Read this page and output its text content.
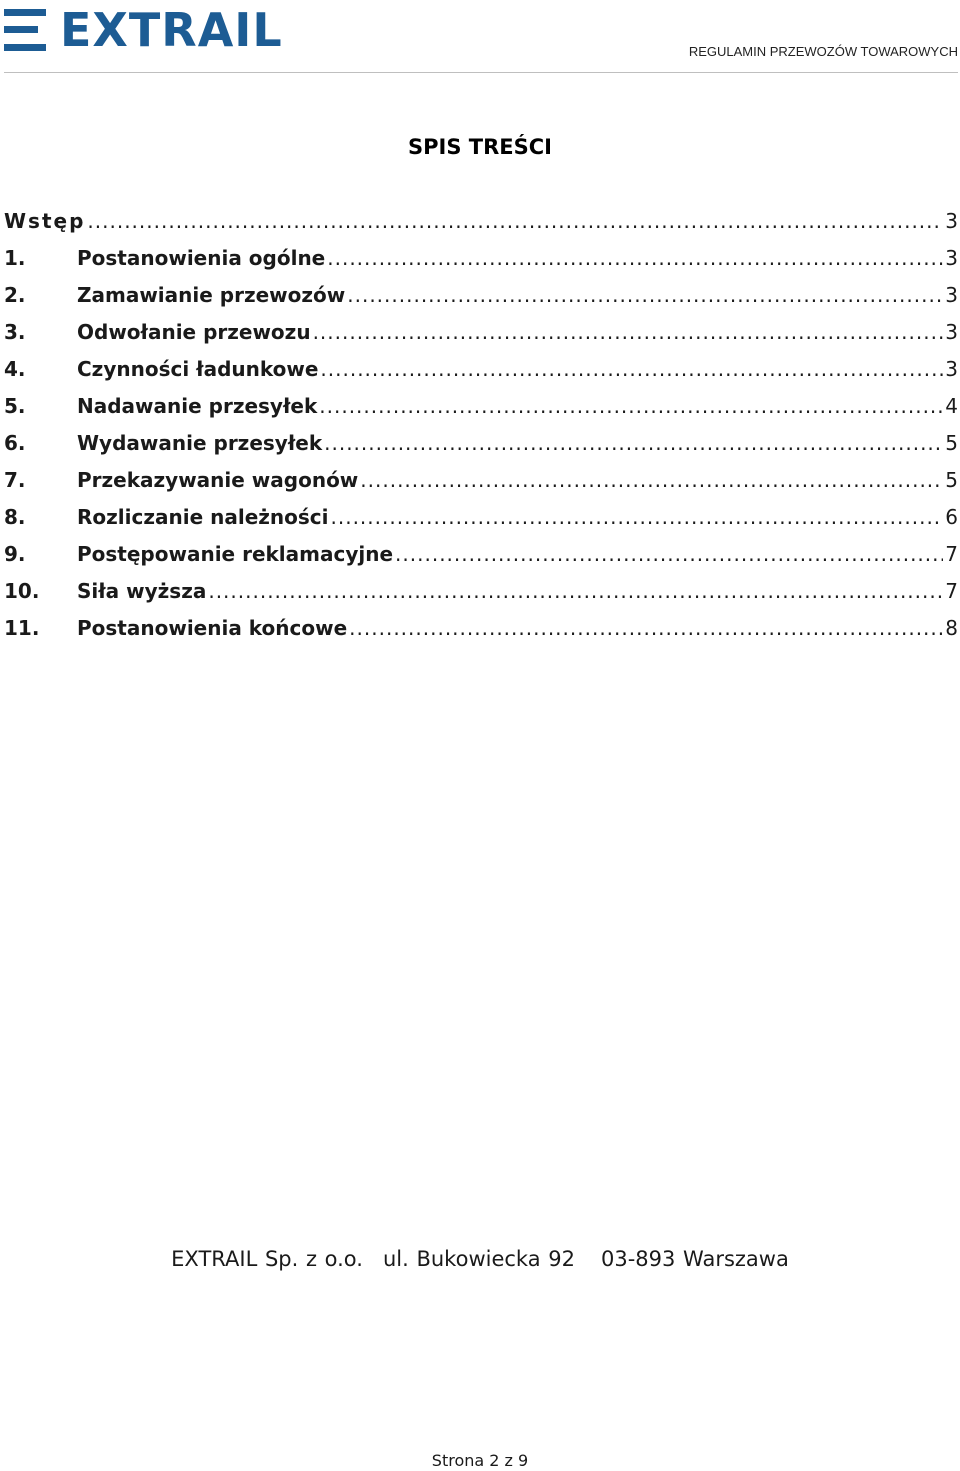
EXTRAIL	REGULAMIN PRZEWOZÓW TOWAROWYCH
SPIS TREŚCI
Wstęp .....	3
1.	Postanowienia ogólne .....	3
2.	Zamawianie przewozów .....	3
3.	Odwołanie przewozu .....	3
4.	Czynności ładunkowe .....	3
5.	Nadawanie przesyłek .....	4
6.	Wydawanie przesyłek .....	5
7.	Przekazywanie wagonów .....	5
8.	Rozliczanie należności .....	6
9.	Postępowanie reklamacyjne .....	7
10.	Siła wyższa .....	7
11.	Postanowienia końcowe .....	8
EXTRAIL Sp. z o.o. ul. Bukowiecka 92 03-893 Warszawa
Strona 2 z 9
